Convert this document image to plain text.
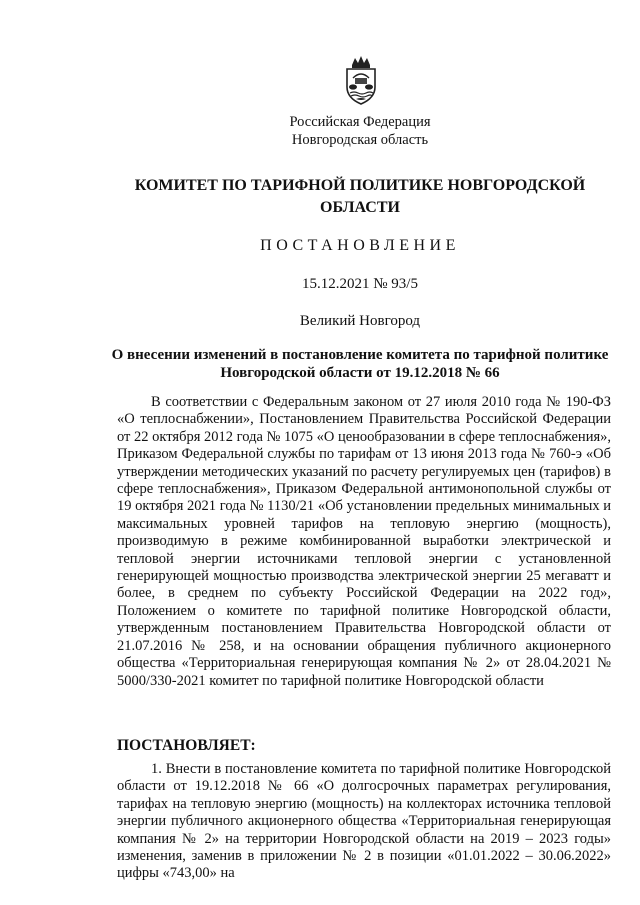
Российская Федерация
Новгородская область
КОМИТЕТ ПО ТАРИФНОЙ ПОЛИТИКЕ НОВГОРОДСКОЙ ОБЛАСТИ
ПОСТАНОВЛЕНИЕ
15.12.2021 № 93/5
Великий Новгород
О внесении изменений в постановление комитета по тарифной политике Новгородской области от 19.12.2018 № 66

В соответствии с Федеральным законом от 27 июля 2010 года № 190-ФЗ «О теплоснабжении», Постановлением Правительства Российской Федерации от 22 октября 2012 года № 1075 «О ценообразовании в сфере теплоснабжения», Приказом Федеральной службы по тарифам от 13 июня 2013 года № 760-э «Об утверждении методических указаний по расчету регулируемых цен (тарифов) в сфере теплоснабжения», Приказом Федеральной антимонопольной службы от 19 октября 2021 года № 1130/21 «Об установлении предельных минимальных и максимальных уровней тарифов на тепловую энергию (мощность), производимую в режиме комбинированной выработки электрической и тепловой энергии источниками тепловой энергии с установленной генерирующей мощностью производства электрической энергии 25 мегаватт и более, в среднем по субъекту Российской Федерации на 2022 год», Положением о комитете по тарифной политике Новгородской области, утвержденным постановлением Правительства Новгородской области от 21.07.2016 № 258, и на основании обращения публичного акционерного общества «Территориальная генерирующая компания № 2» от 28.04.2021 № 5000/330-2021 комитет по тарифной политике Новгородской области

ПОСТАНОВЛЯЕТ:

1. Внести в постановление комитета по тарифной политике Новгородской области от 19.12.2018 № 66 «О долгосрочных параметрах регулирования, тарифах на тепловую энергию (мощность) на коллекторах источника тепловой энергии публичного акционерного общества «Территориальная генерирующая компания № 2» на территории Новгородской области на 2019 – 2023 годы» изменения, заменив в приложении № 2 в позиции «01.01.2022 – 30.06.2022» цифры «743,00» на
